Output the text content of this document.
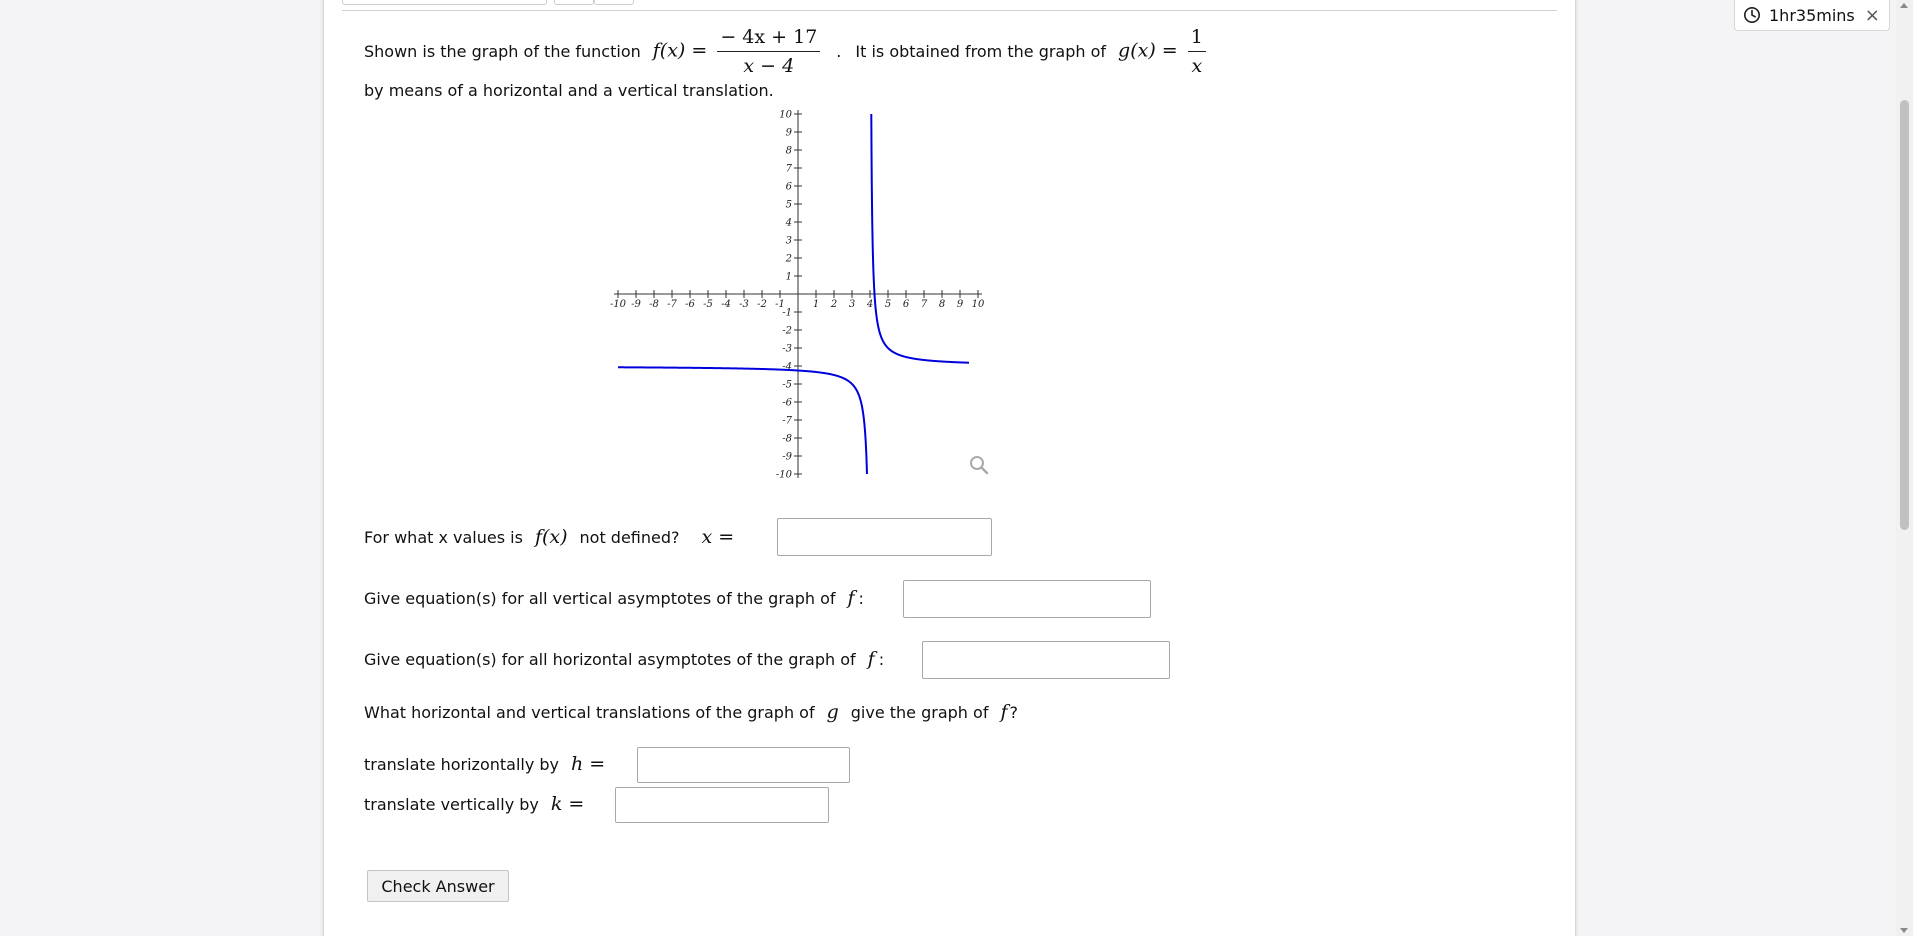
Shown is the graph of the function $f(x) = \frac{- 4x + 17}{x - 4}$ . It is obtained from the graph of $g(x) = \frac{1}{x}$
by means of a horizontal and a vertical translation.
-10 -9 -8 -7 -6 -5 -4 -3 -2 -1	1 2 3 4 5 6 7 8 9 10
-10
-9
-8
-7
-6
-5
-4
-3
-2
-1
1
2
3
4
5
6
7
8
9
10
For what x values is f(x) not defined? x =
Give equation(s) for all vertical asymptotes of the graph of f :
Give equation(s) for all horizontal asymptotes of the graph of f :
What horizontal and vertical translations of the graph of g give the graph of f ?
translate horizontally by h =
translate vertically by k =
Check Answer
1hr35mins ×
